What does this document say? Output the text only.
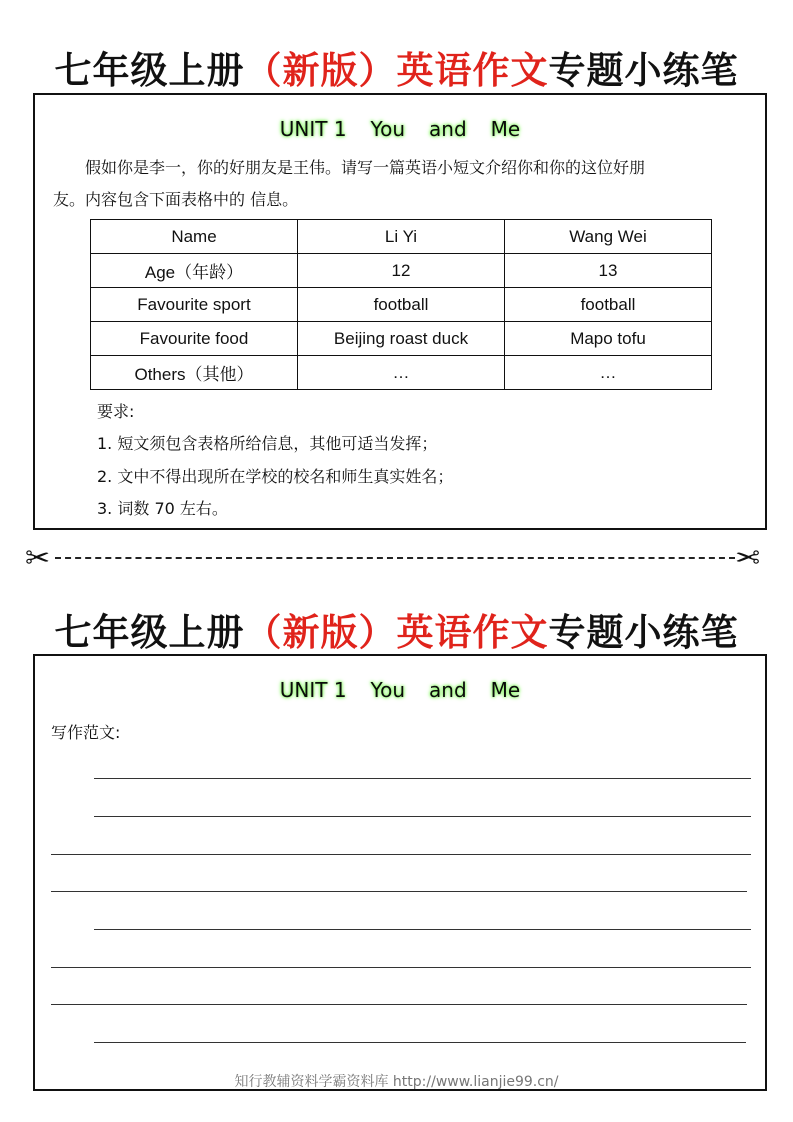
七年级上册（新版）英语作文专题小练笔
UNIT 1 You and Me
假如你是李一，你的好朋友是王伟。请写一篇英语小短文介绍你和你的这位好朋
友。内容包含下面表格中的 信息。
Name	Li Yi	Wang Wei
Age（年龄）	12	13
Favourite sport	football	football
Favourite food	Beijing roast duck	Mapo tofu
Others（其他）	…	…
要求:
1. 短文须包含表格所给信息，其他可适当发挥；
2. 文中不得出现所在学校的校名和师生真实姓名；
3. 词数 70 左右。
✂	✂
七年级上册（新版）英语作文专题小练笔
UNIT 1 You and Me
写作范文:
知行教辅资料学霸资料库 http://www.lianjie99.cn/
